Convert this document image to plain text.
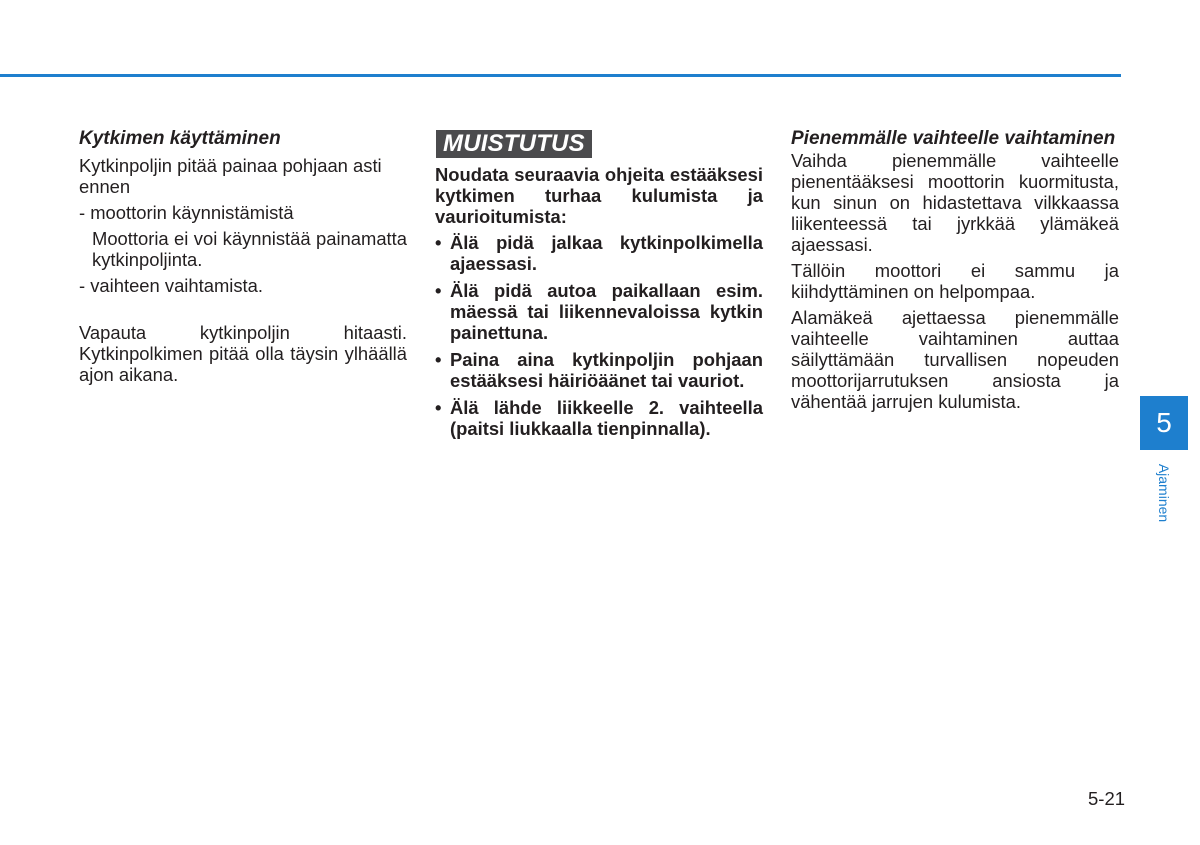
Kytkimen käyttäminen

Kytkinpoljin pitää painaa pohjaan asti ennen

- moottorin käynnistämistä

Moottoria ei voi käynnistää painamatta kytkinpoljinta.

- vaihteen vaihtamista.

Vapauta kytkinpoljin hitaasti. Kytkinpolkimen pitää olla täysin ylhäällä ajon aikana.

MUISTUTUS

Noudata seuraavia ohjeita estääksesi kytkimen turhaa kulumista ja vaurioitumista:

• Älä pidä jalkaa kytkinpolkimella ajaessasi.
• Älä pidä autoa paikallaan esim. mäessä tai liikennevaloissa kytkin painettuna.
• Paina aina kytkinpoljin pohjaan estääksesi häiriöäänet tai vauriot.
• Älä lähde liikkeelle 2. vaihteella (paitsi liukkaalla tienpinnalla).

Pienemmälle vaihteelle vaihtaminen

Vaihda pienemmälle vaihteelle pienentääksesi moottorin kuormitusta, kun sinun on hidastettava vilkkaassa liikenteessä tai jyrkkää ylämäkeä ajaessasi.

Tällöin moottori ei sammu ja kiihdyttäminen on helpompaa.

Alamäkeä ajettaessa pienemmälle vaihteelle vaihtaminen auttaa säilyttämään turvallisen nopeuden moottorijarrutuksen ansiosta ja vähentää jarrujen kulumista.

5
Ajaminen
5-21
